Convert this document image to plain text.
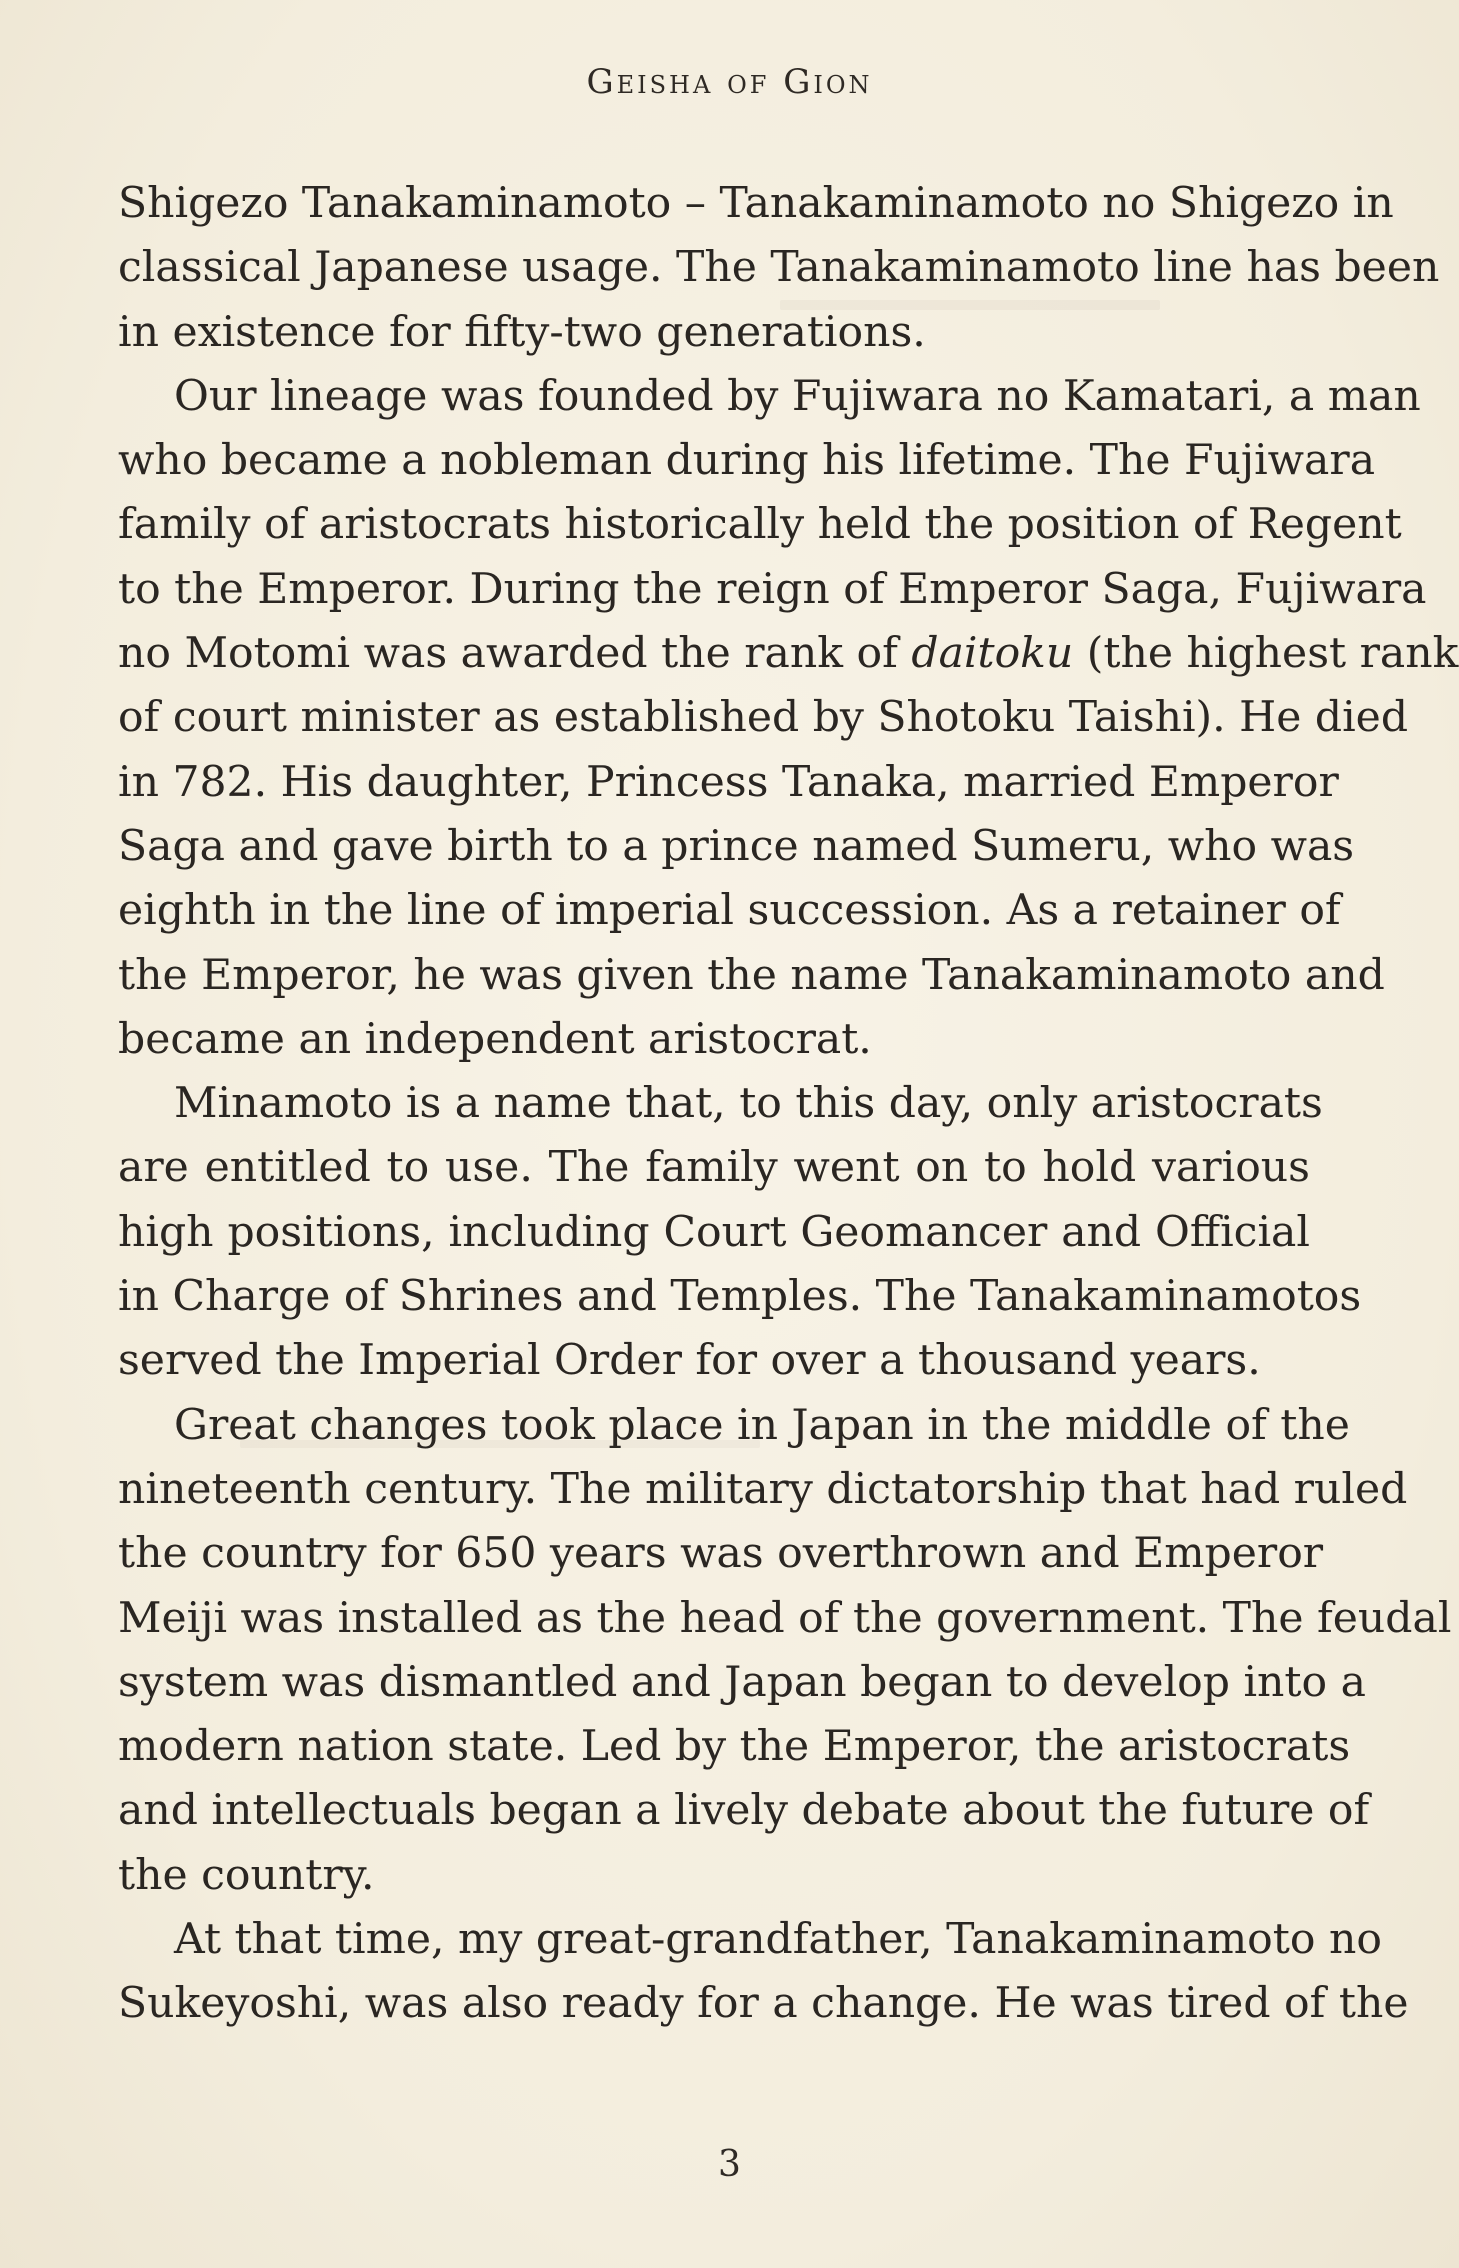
Geisha of Gion
Shigezo Tanakaminamoto – Tanakaminamoto no Shigezo in
classical Japanese usage. The Tanakaminamoto line has been
in existence for fifty-two generations.
Our lineage was founded by Fujiwara no Kamatari, a man
who became a nobleman during his lifetime. The Fujiwara
family of aristocrats historically held the position of Regent
to the Emperor. During the reign of Emperor Saga, Fujiwara
no Motomi was awarded the rank of daitoku (the highest rank
of court minister as established by Shotoku Taishi). He died
in 782. His daughter, Princess Tanaka, married Emperor
Saga and gave birth to a prince named Sumeru, who was
eighth in the line of imperial succession. As a retainer of
the Emperor, he was given the name Tanakaminamoto and
became an independent aristocrat.
Minamoto is a name that, to this day, only aristocrats
are entitled to use. The family went on to hold various
high positions, including Court Geomancer and Official
in Charge of Shrines and Temples. The Tanakaminamotos
served the Imperial Order for over a thousand years.
Great changes took place in Japan in the middle of the
nineteenth century. The military dictatorship that had ruled
the country for 650 years was overthrown and Emperor
Meiji was installed as the head of the government. The feudal
system was dismantled and Japan began to develop into a
modern nation state. Led by the Emperor, the aristocrats
and intellectuals began a lively debate about the future of
the country.
At that time, my great-grandfather, Tanakaminamoto no
Sukeyoshi, was also ready for a change. He was tired of the
3
